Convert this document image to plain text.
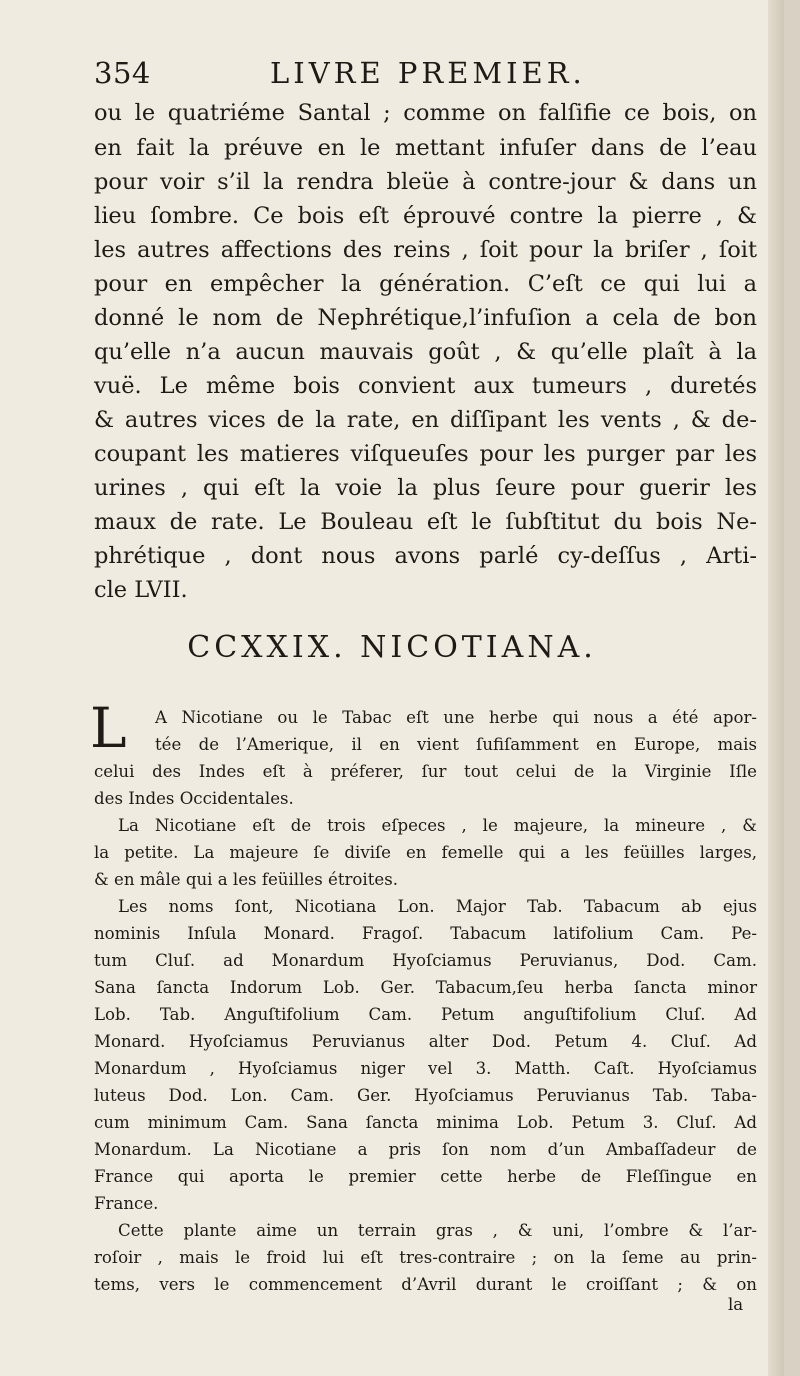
354	LIVRE PREMIER.
ou le quatriéme Santal ; comme on falſifie ce bois, on
en fait la préuve en le mettant infuſer dans de l’eau
pour voir s’il la rendra bleüe à contre-jour & dans un
lieu ſombre. Ce bois eſt éprouvé contre la pierre , &
les autres affections des reins , ſoit pour la briſer , ſoit
pour en empêcher la génération. C’eſt ce qui lui a
donné le nom de Nephrétique,l’infuſion a cela de bon
qu’elle n’a aucun mauvais goût , & qu’elle plaît à la
vuë. Le même bois convient aux tumeurs , duretés
& autres vices de la rate, en diſſipant les vents , & de-
coupant les matieres viſqueuſes pour les purger par les
urines , qui eſt la voie la plus ſeure pour guerir les
maux de rate. Le Bouleau eſt le ſubſtitut du bois Ne-
phrétique , dont nous avons parlé cy-deſſus , Arti-
cle LVII.
CCXXIX. NICOTIANA.
L	A Nicotiane ou le Tabac eſt une herbe qui nous a été apor-
tée de l’Amerique, il en vient ſufiſamment en Europe, mais
celui des Indes eſt à préferer, ſur tout celui de la Virginie Iſle
des Indes Occidentales.
La Nicotiane eſt de trois eſpeces , le majeure, la mineure , &
la petite. La majeure ſe diviſe en femelle qui a les feüilles larges,
& en mâle qui a les feüilles étroites.
Les noms ſont, Nicotiana Lon. Major Tab. Tabacum ab ejus
nominis Inſula Monard. Fragoſ. Tabacum latifolium Cam. Pe-
tum Cluſ. ad Monardum Hyoſciamus Peruvianus, Dod. Cam.
Sana ſancta Indorum Lob. Ger. Tabacum,ſeu herba ſancta minor
Lob. Tab. Anguſtifolium Cam. Petum anguſtifolium Cluſ. Ad
Monard. Hyoſciamus Peruvianus alter Dod. Petum 4. Cluſ. Ad
Monardum , Hyoſciamus niger vel 3. Matth. Caſt. Hyoſciamus
luteus Dod. Lon. Cam. Ger. Hyoſciamus Peruvianus Tab. Taba-
cum minimum Cam. Sana ſancta minima Lob. Petum 3. Cluſ. Ad
Monardum. La Nicotiane a pris ſon nom d’un Ambaſſadeur de
France qui aporta le premier cette herbe de Fleſſingue en
France.
Cette plante aime un terrain gras , & uni, l’ombre & l’ar-
roſoir , mais le froid lui eſt tres-contraire ; on la ſeme au prin-
tems, vers le commencement d’Avril durant le croiſſant ; & on
la
